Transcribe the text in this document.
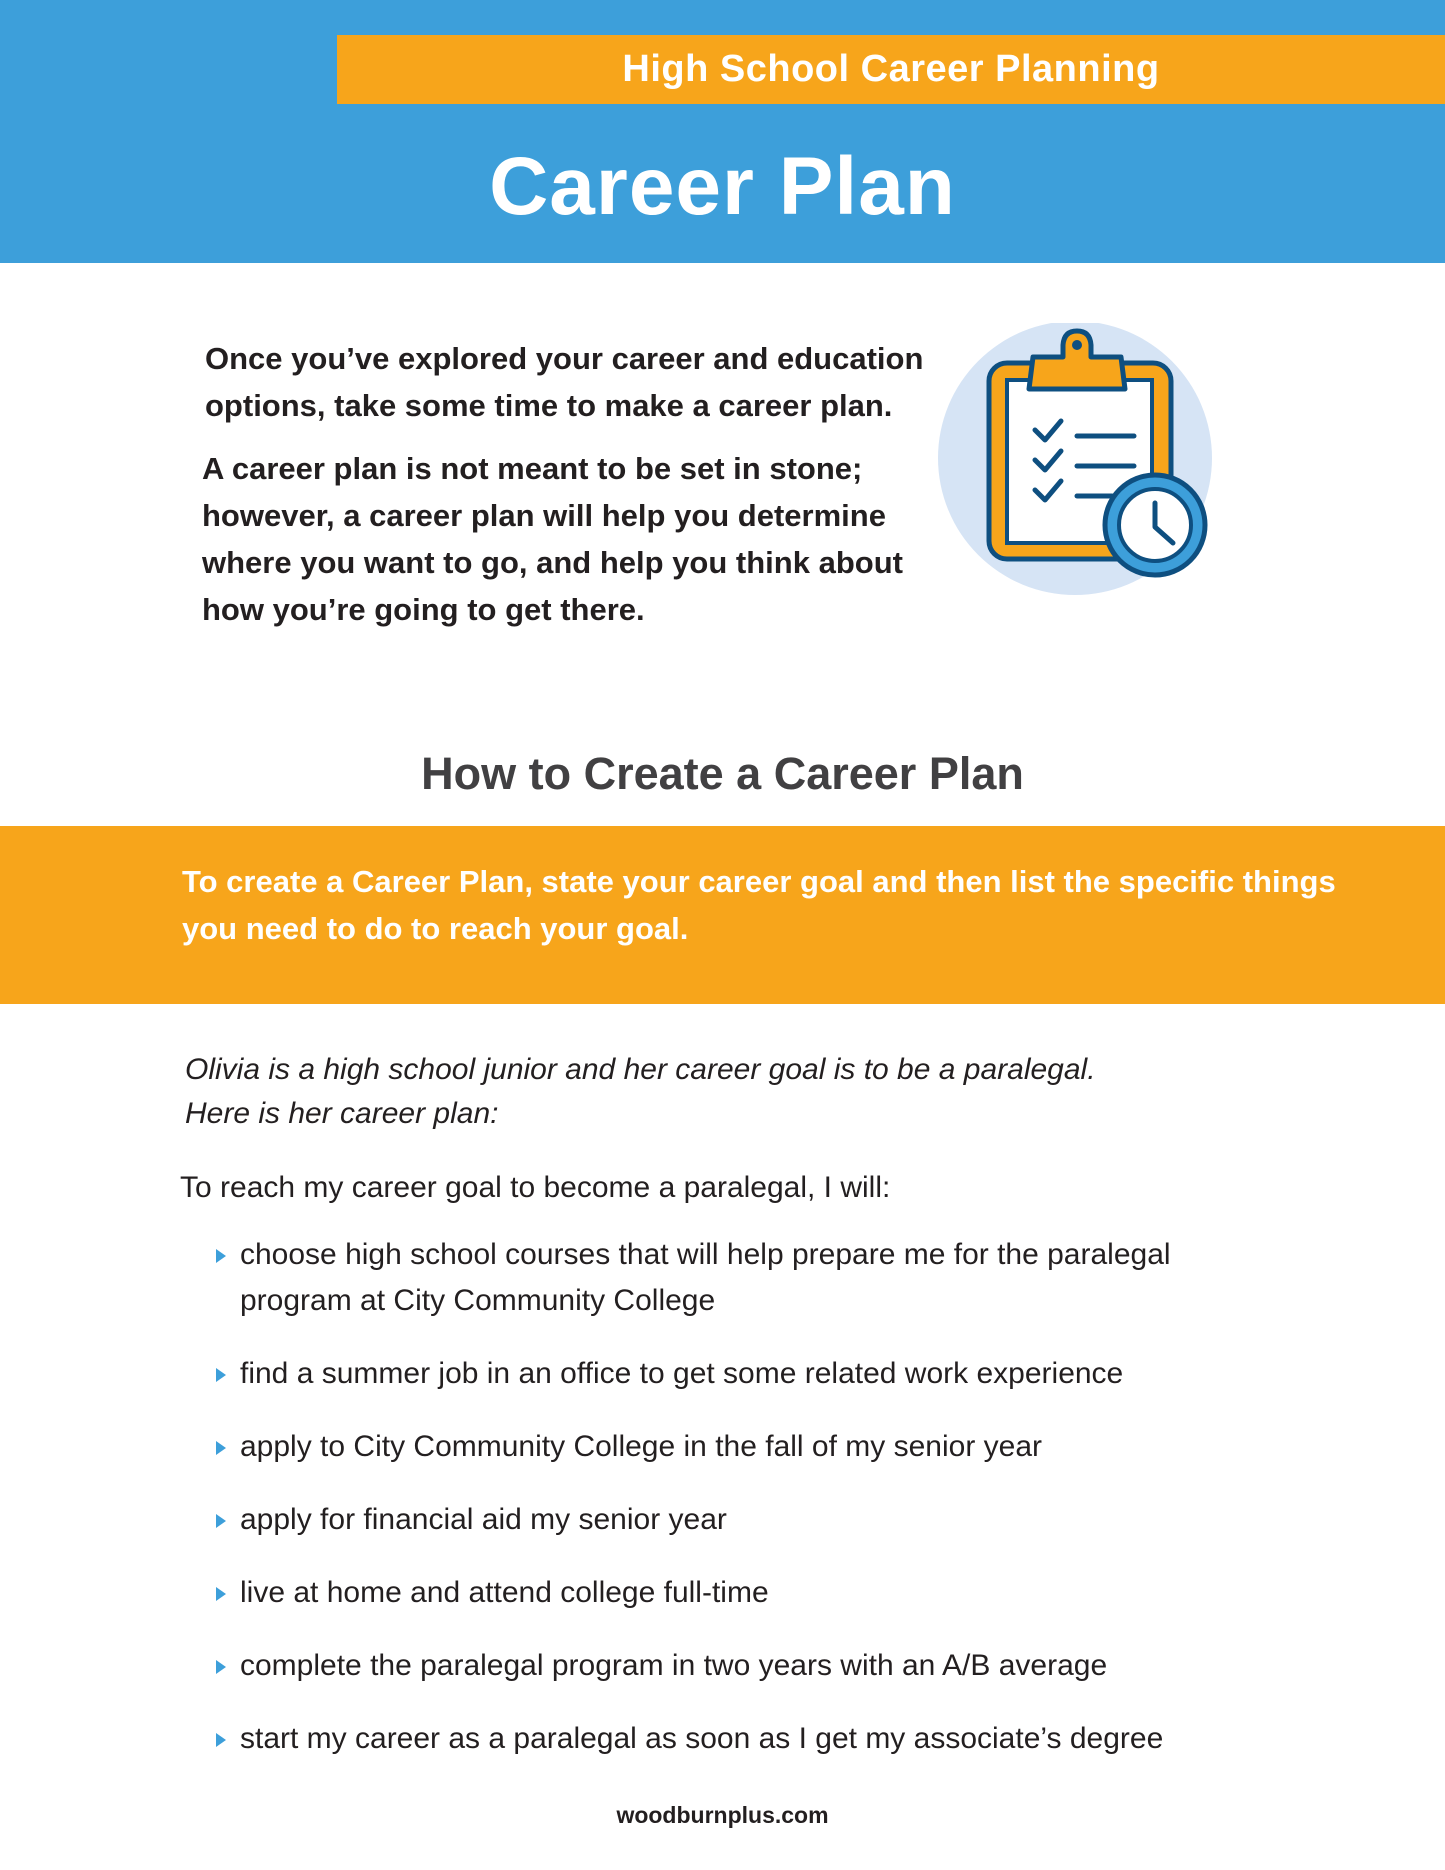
High School Career Planning
Career Plan

Once you’ve explored your career and education options, take some time to make a career plan.

A career plan is not meant to be set in stone; however, a career plan will help you determine where you want to go, and help you think about how you’re going to get there.

How to Create a Career Plan

To create a Career Plan, state your career goal and then list the specific things you need to do to reach your goal.

Olivia is a high school junior and her career goal is to be a paralegal.
Here is her career plan:
To reach my career goal to become a paralegal, I will:
choose high school courses that will help prepare me for the paralegal program at City Community College
find a summer job in an office to get some related work experience
apply to City Community College in the fall of my senior year
apply for financial aid my senior year
live at home and attend college full-time
complete the paralegal program in two years with an A/B average
start my career as a paralegal as soon as I get my associate’s degree
woodburnplus.com
